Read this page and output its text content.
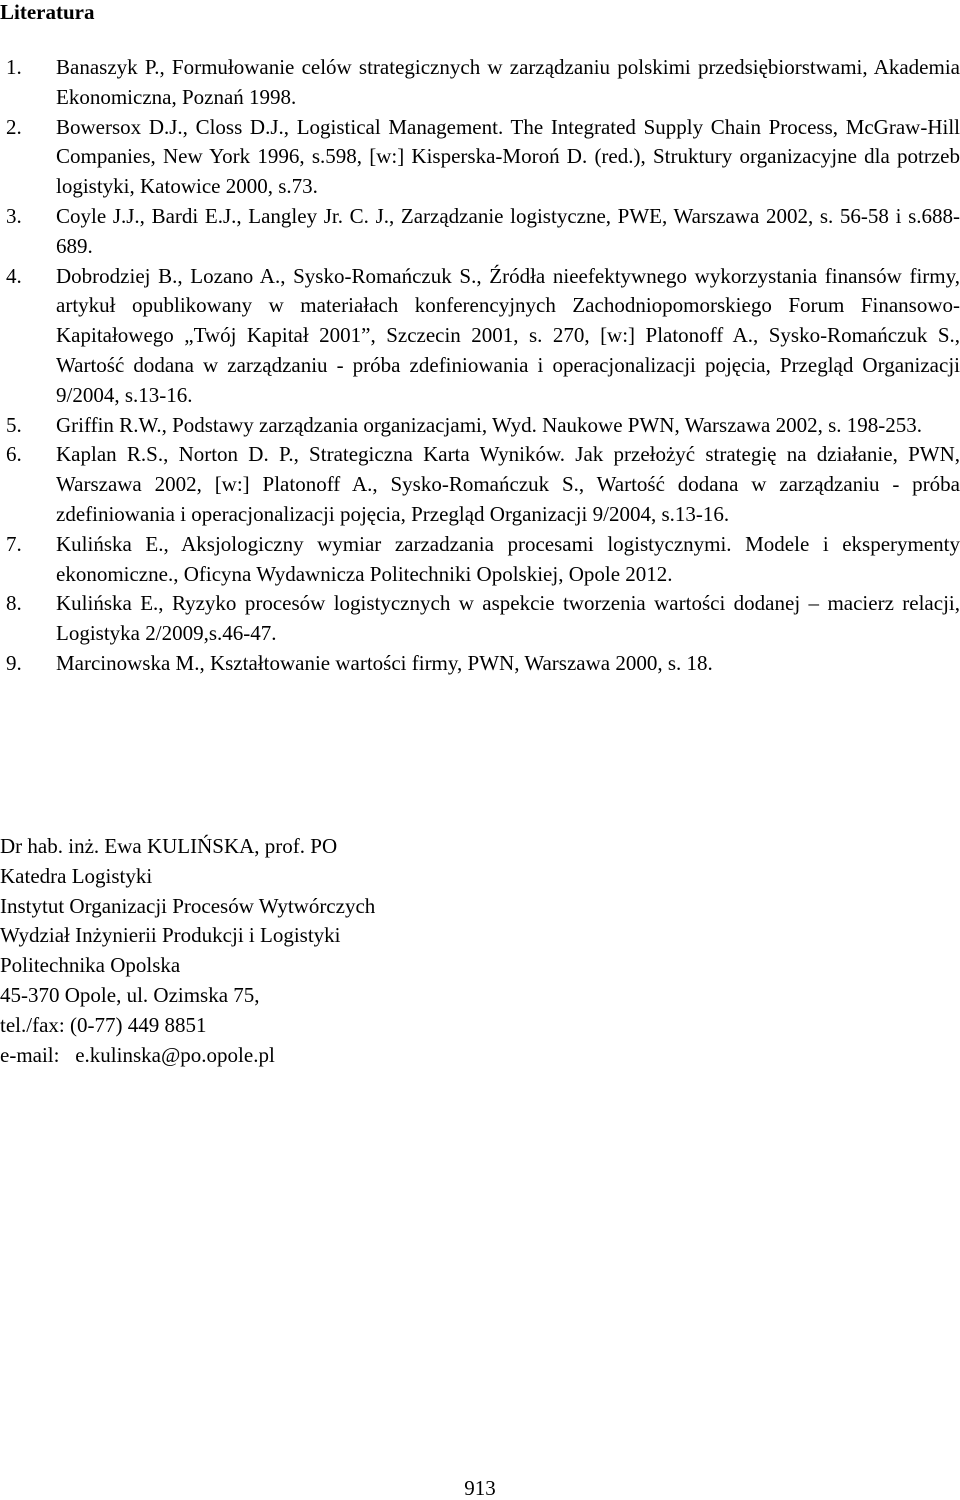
Literatura
1.	Banaszyk P., Formułowanie celów strategicznych w zarządzaniu polskimi przedsiębiorstwami, Akademia Ekonomiczna, Poznań 1998.
2.	Bowersox D.J., Closs D.J., Logistical Management. The Integrated Supply Chain Process, McGraw-Hill Companies, New York 1996, s.598, [w:] Kisperska-Moroń D. (red.), Struktury organizacyjne dla potrzeb logistyki, Katowice 2000, s.73.
3.	Coyle J.J., Bardi E.J., Langley Jr. C. J., Zarządzanie logistyczne, PWE, Warszawa 2002, s. 56-58 i s.688-689.
4.	Dobrodziej B., Lozano A., Sysko-Romańczuk S., Źródła nieefektywnego wykorzystania finansów firmy, artykuł opublikowany w materiałach konferencyjnych Zachodniopomorskiego Forum Finansowo-Kapitałowego „Twój Kapitał 2001”, Szczecin 2001, s. 270, [w:] Platonoff A., Sysko-Romańczuk S., Wartość dodana w zarządzaniu - próba zdefiniowania i operacjonalizacji pojęcia, Przegląd Organizacji 9/2004, s.13-16.
5.	Griffin R.W., Podstawy zarządzania organizacjami, Wyd. Naukowe PWN, Warszawa 2002, s. 198-253.
6.	Kaplan R.S., Norton D. P., Strategiczna Karta Wyników. Jak przełożyć strategię na działanie, PWN, Warszawa 2002, [w:] Platonoff A., Sysko-Romańczuk S., Wartość dodana w zarządzaniu - próba zdefiniowania i operacjonalizacji pojęcia, Przegląd Organizacji 9/2004, s.13-16.
7.	Kulińska E., Aksjologiczny wymiar zarzadzania procesami logistycznymi. Modele i eksperymenty ekonomiczne., Oficyna Wydawnicza Politechniki Opolskiej, Opole 2012.
8.	Kulińska E., Ryzyko procesów logistycznych w aspekcie tworzenia wartości dodanej – macierz relacji, Logistyka 2/2009,s.46-47.
9.	Marcinowska M., Kształtowanie wartości firmy, PWN, Warszawa 2000, s. 18.
Dr hab. inż. Ewa KULIŃSKA, prof. PO
Katedra Logistyki
Instytut Organizacji Procesów Wytwórczych
Wydział Inżynierii Produkcji i Logistyki
Politechnika Opolska
45-370 Opole, ul. Ozimska 75,
tel./fax: (0-77) 449 8851
e-mail:   e.kulinska@po.opole.pl
913
